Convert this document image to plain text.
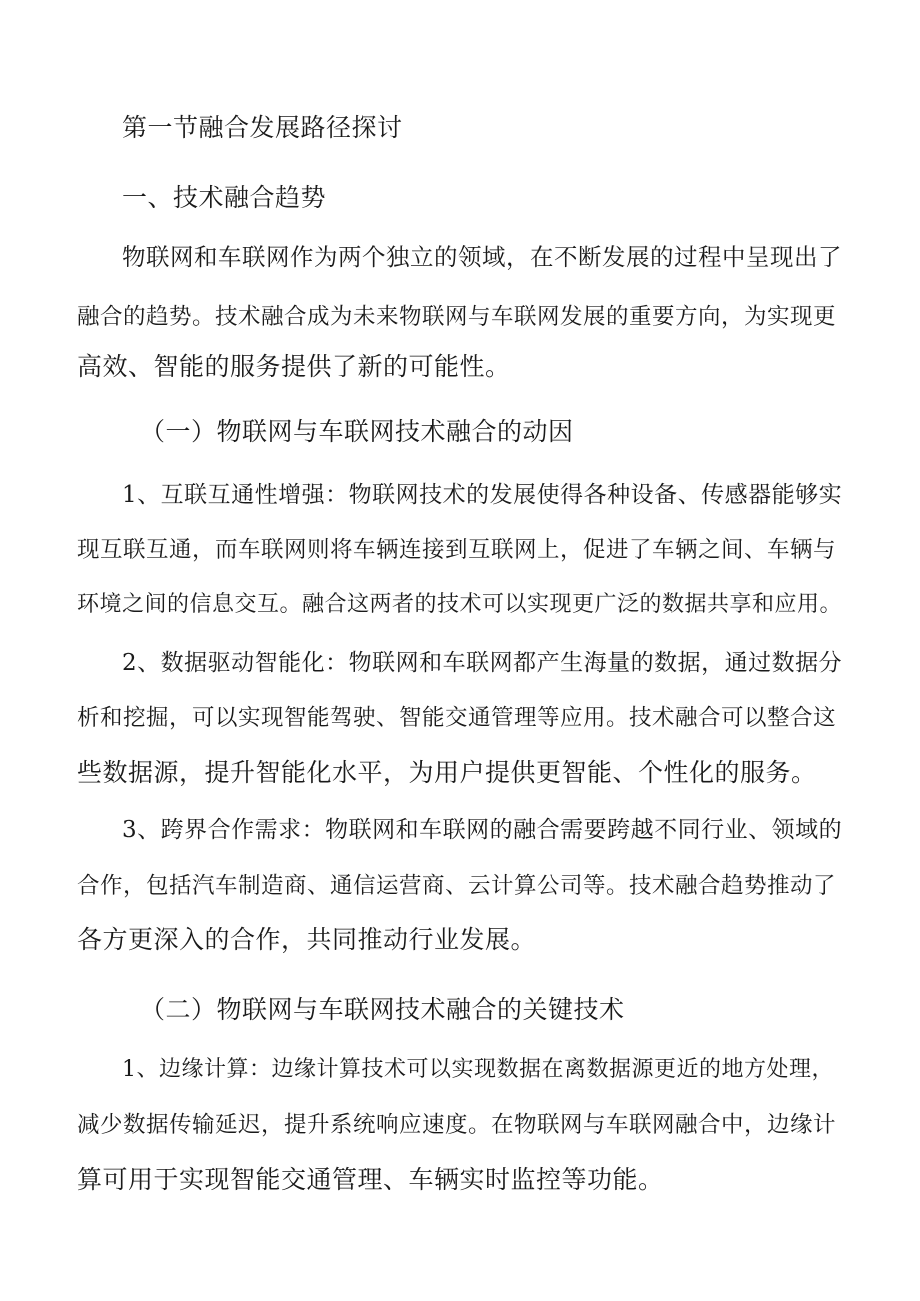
第一节融合发展路径探讨
一、技术融合趋势
物联网和车联网作为两个独立的领域，在不断发展的过程中呈现出了
融合的趋势。技术融合成为未来物联网与车联网发展的重要方向，为实现更
高效、智能的服务提供了新的可能性。
（一）物联网与车联网技术融合的动因
1、互联互通性增强：物联网技术的发展使得各种设备、传感器能够实
现互联互通，而车联网则将车辆连接到互联网上，促进了车辆之间、车辆与
环境之间的信息交互。融合这两者的技术可以实现更广泛的数据共享和应用。
2、数据驱动智能化：物联网和车联网都产生海量的数据，通过数据分
析和挖掘，可以实现智能驾驶、智能交通管理等应用。技术融合可以整合这
些数据源，提升智能化水平，为用户提供更智能、个性化的服务。
3、跨界合作需求：物联网和车联网的融合需要跨越不同行业、领域的
合作，包括汽车制造商、通信运营商、云计算公司等。技术融合趋势推动了
各方更深入的合作，共同推动行业发展。
（二）物联网与车联网技术融合的关键技术
1、边缘计算：边缘计算技术可以实现数据在离数据源更近的地方处理，
减少数据传输延迟，提升系统响应速度。在物联网与车联网融合中，边缘计
算可用于实现智能交通管理、车辆实时监控等功能。
